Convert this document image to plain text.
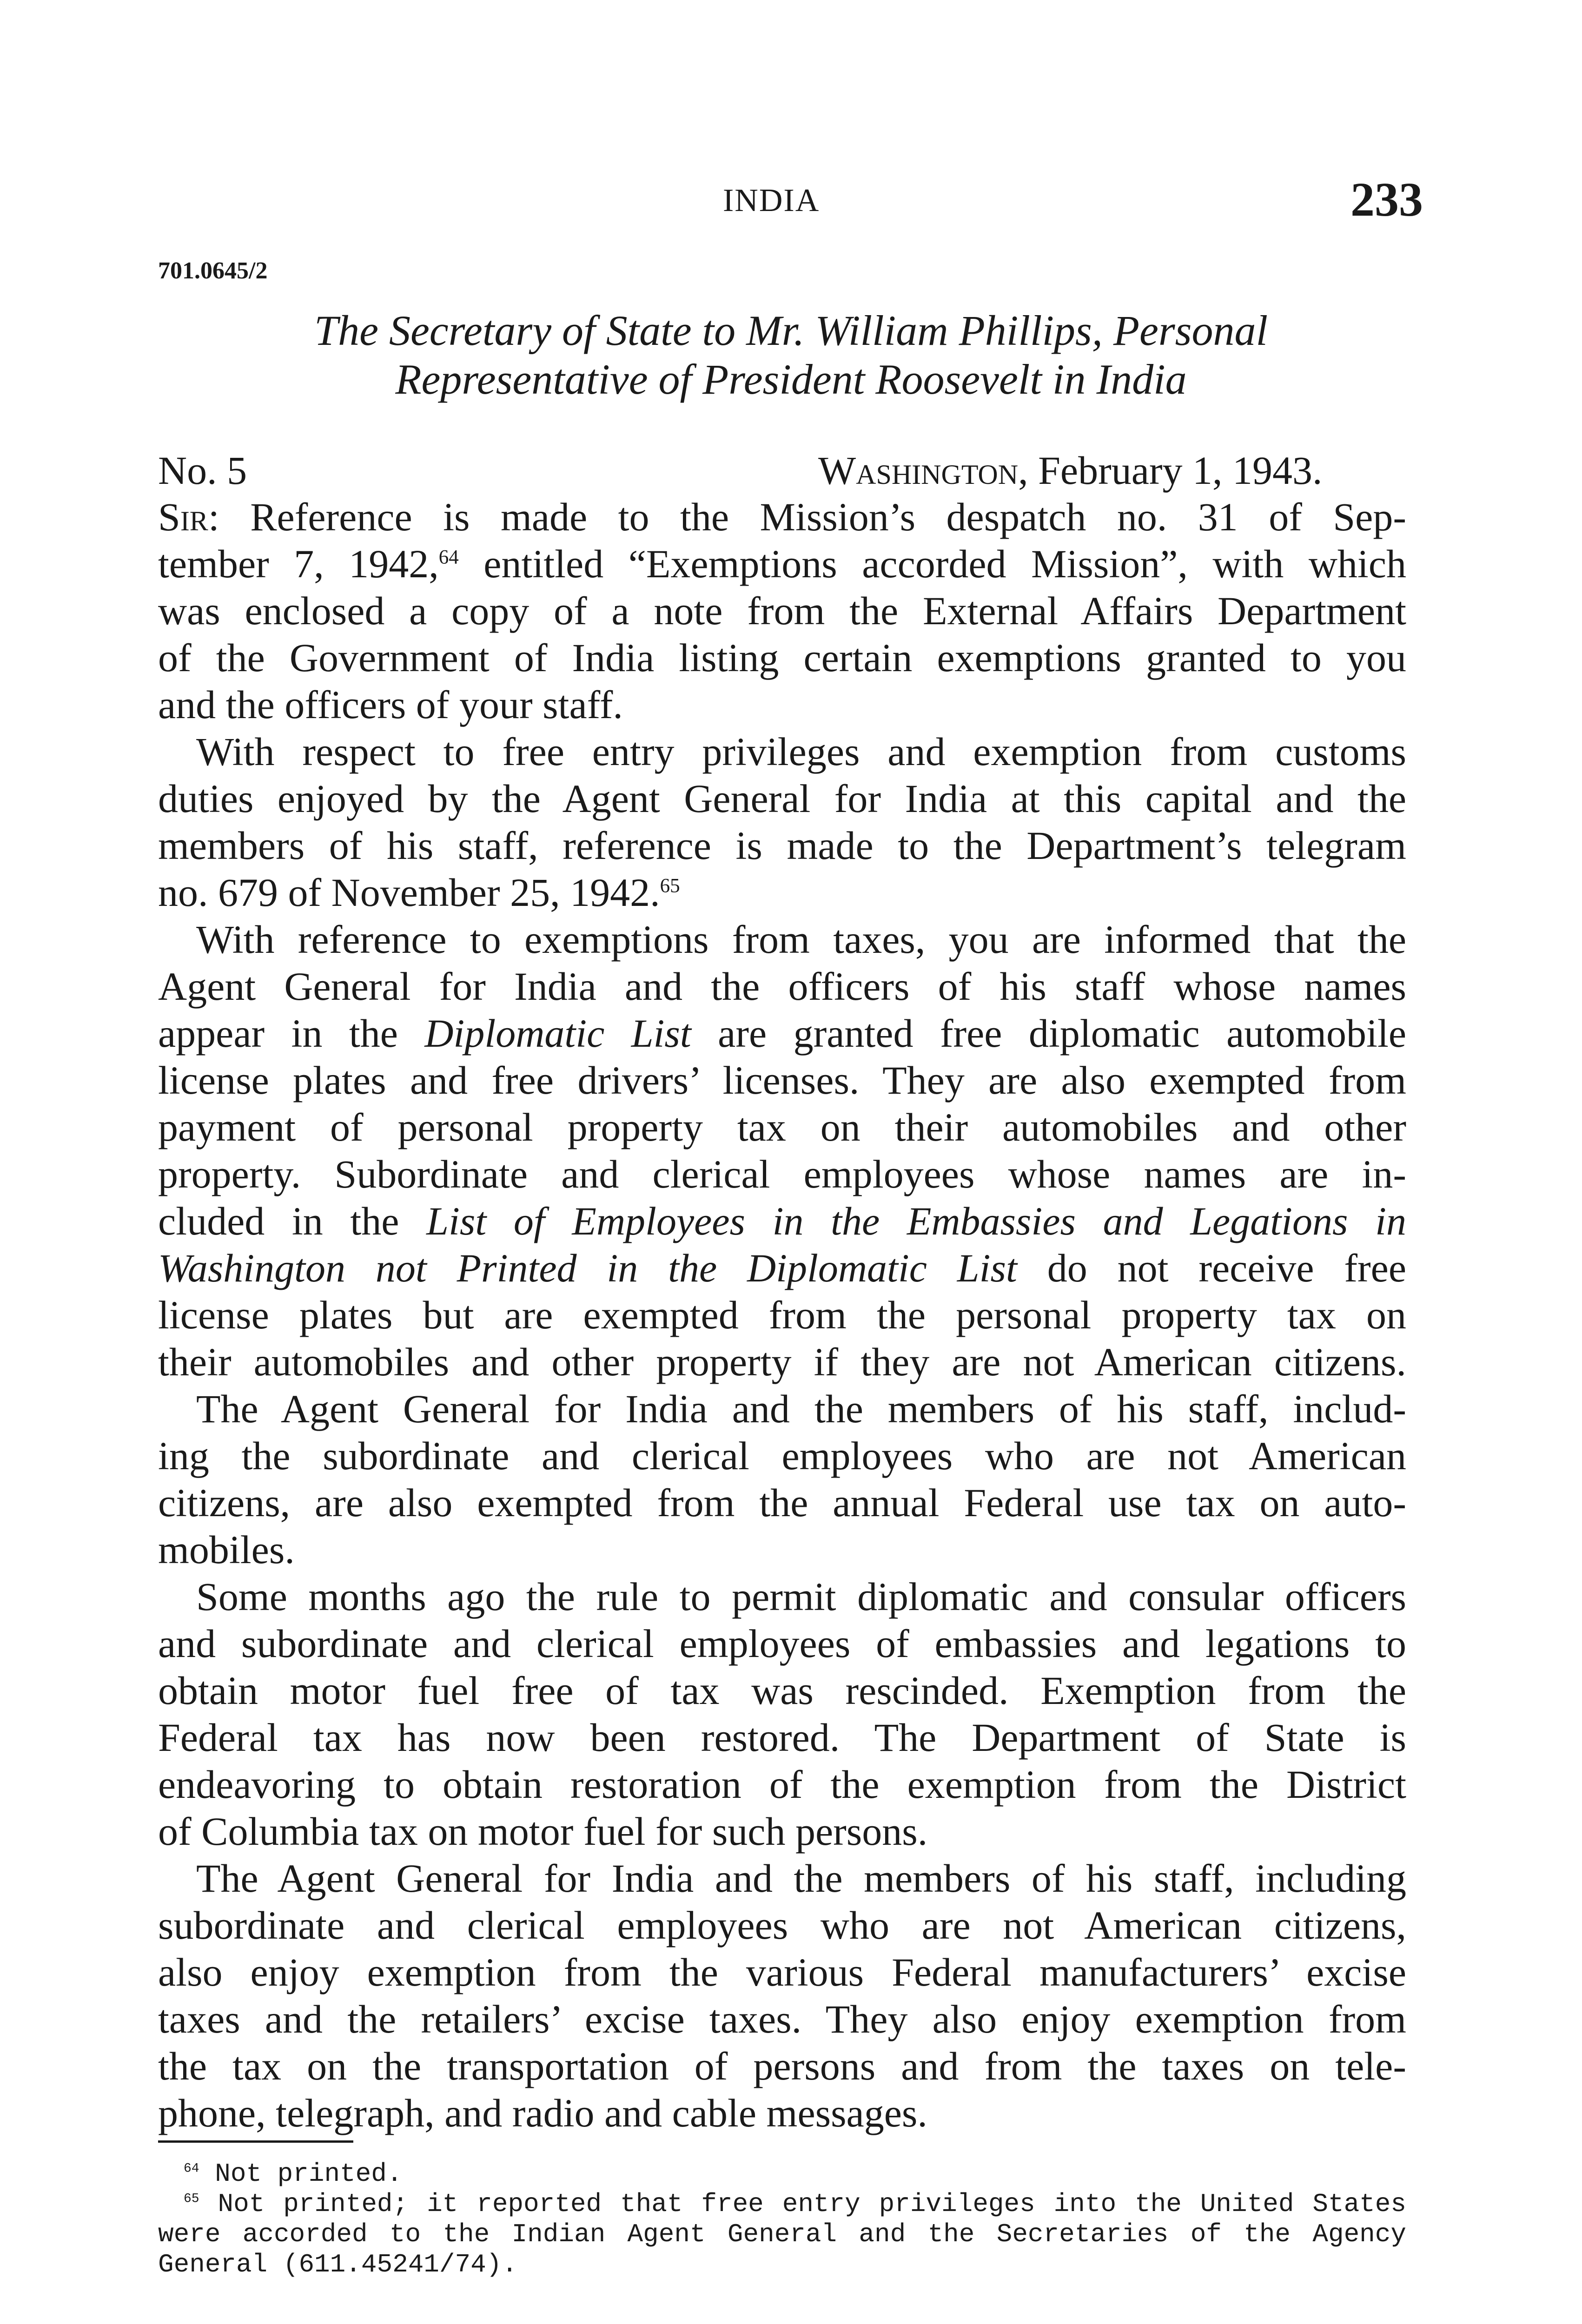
INDIA	233
701.0645/2
The Secretary of State to Mr. William Phillips, Personal
Representative of President Roosevelt in India
No. 5	Washington, February 1, 1943.
Sir: Reference is made to the Mission’s despatch no. 31 of Sep-
tember 7, 1942,64 entitled “Exemptions accorded Mission”, with which
was enclosed a copy of a note from the External Affairs Department
of the Government of India listing certain exemptions granted to you
and the officers of your staff.
With respect to free entry privileges and exemption from customs
duties enjoyed by the Agent General for India at this capital and the
members of his staff, reference is made to the Department’s telegram
no. 679 of November 25, 1942.65
With reference to exemptions from taxes, you are informed that the
Agent General for India and the officers of his staff whose names
appear in the Diplomatic List are granted free diplomatic automobile
license plates and free drivers’ licenses. They are also exempted from
payment of personal property tax on their automobiles and other
property. Subordinate and clerical employees whose names are in-
cluded in the List of Employees in the Embassies and Legations in
Washington not Printed in the Diplomatic List do not receive free
license plates but are exempted from the personal property tax on
their automobiles and other property if they are not American citizens.
The Agent General for India and the members of his staff, includ-
ing the subordinate and clerical employees who are not American
citizens, are also exempted from the annual Federal use tax on auto-
mobiles.
Some months ago the rule to permit diplomatic and consular officers
and subordinate and clerical employees of embassies and legations to
obtain motor fuel free of tax was rescinded. Exemption from the
Federal tax has now been restored. The Department of State is
endeavoring to obtain restoration of the exemption from the District
of Columbia tax on motor fuel for such persons.
The Agent General for India and the members of his staff, including
subordinate and clerical employees who are not American citizens,
also enjoy exemption from the various Federal manufacturers’ excise
taxes and the retailers’ excise taxes. They also enjoy exemption from
the tax on the transportation of persons and from the taxes on tele-
phone, telegraph, and radio and cable messages.
$^{64}$ Not printed.
$^{65}$ Not printed; it reported that free entry privileges into the United States
were accorded to the Indian Agent General and the Secretaries of the Agency
General (611.45241/74).
